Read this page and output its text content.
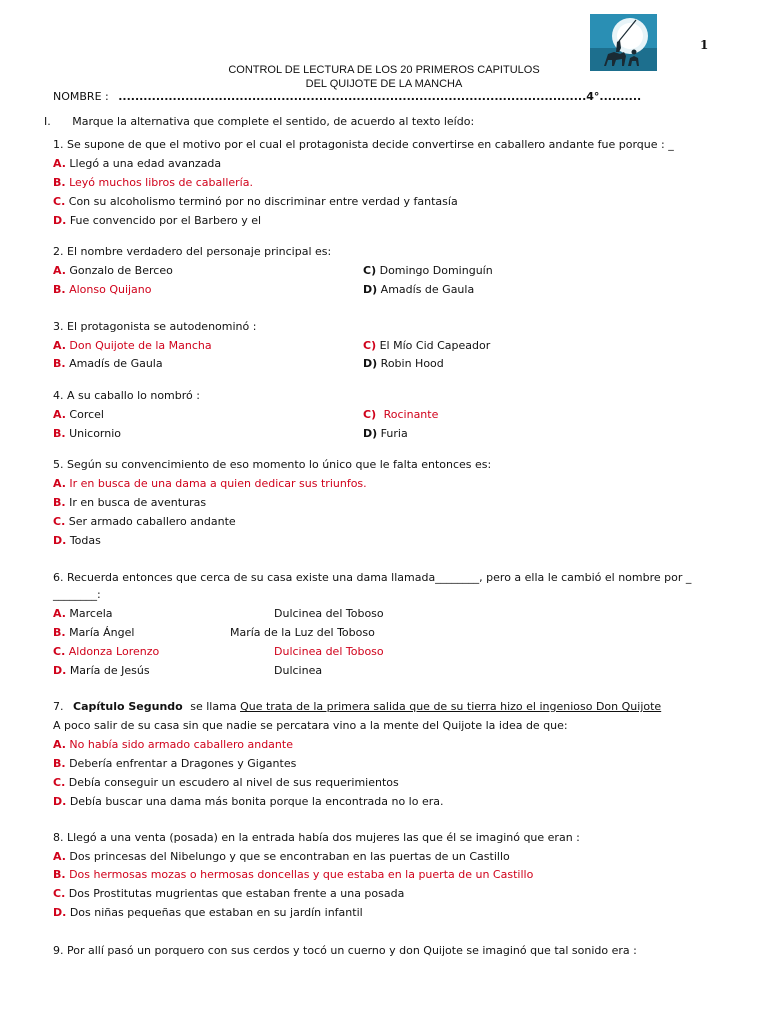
1
CONTROL DE LECTURA DE LOS 20 PRIMEROS CAPITULOS
DEL QUIJOTE DE LA MANCHA
NOMBRE : ................................................................................................................4°..........
I. Marque la alternativa que complete el sentido, de acuerdo al texto leído:
1. Se supone de que el motivo por el cual el protagonista decide convertirse en caballero andante fue porque : _
A. Llegó a una edad avanzada
B. Leyó muchos libros de caballería.
C. Con su alcoholismo terminó por no discriminar entre verdad y fantasía
D. Fue convencido por el Barbero y el
2. El nombre verdadero del personaje principal es:
A. Gonzalo de Berceo	C) Domingo Dominguín
B. Alonso Quijano	D) Amadís de Gaula
3. El protagonista se autodenominó :
A. Don Quijote de la Mancha	C) El Mío Cid Capeador
B. Amadís de Gaula	D) Robin Hood
4. A su caballo lo nombró :
A. Corcel	C) Rocinante
B. Unicornio	D) Furia
5. Según su convencimiento de eso momento lo único que le falta entonces es:
A. Ir en busca de una dama a quien dedicar sus triunfos.
B. Ir en busca de aventuras
C. Ser armado caballero andante
D. Todas
6. Recuerda entonces que cerca de su casa existe una dama llamada________, pero a ella le cambió el nombre por _
________:
A. Marcela	Dulcinea del Toboso
B. María Ángel	María de la Luz del Toboso
C. Aldonza Lorenzo	Dulcinea del Toboso
D. María de Jesús	Dulcinea
7. Capítulo Segundo se llama Que trata de la primera salida que de su tierra hizo el ingenioso Don Quijote
A poco salir de su casa sin que nadie se percatara vino a la mente del Quijote la idea de que:
A. No había sido armado caballero andante
B. Debería enfrentar a Dragones y Gigantes
C. Debía conseguir un escudero al nivel de sus requerimientos
D. Debía buscar una dama más bonita porque la encontrada no lo era.
8. Llegó a una venta (posada) en la entrada había dos mujeres las que él se imaginó que eran :
A. Dos princesas del Nibelungo y que se encontraban en las puertas de un Castillo
B. Dos hermosas mozas o hermosas doncellas y que estaba en la puerta de un Castillo
C. Dos Prostitutas mugrientas que estaban frente a una posada
D. Dos niñas pequeñas que estaban en su jardín infantil
9. Por allí pasó un porquero con sus cerdos y tocó un cuerno y don Quijote se imaginó que tal sonido era :
